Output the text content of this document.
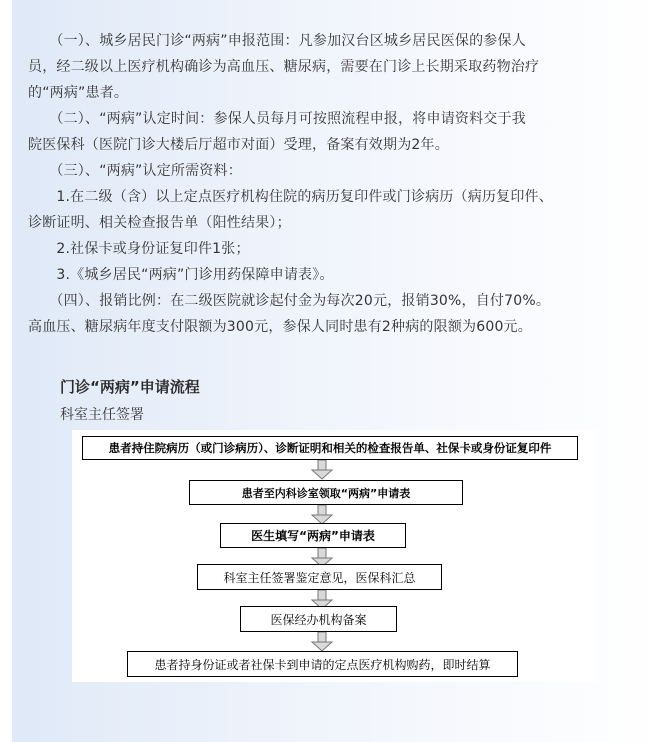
　　（一）、城乡居民门诊“两病”申报范围：凡参加汉台区城乡居民医保的参保人
员，经二级以上医疗机构确诊为高血压、糖尿病，需要在门诊上长期采取药物治疗
的“两病”患者。
　　（二）、“两病”认定时间：参保人员每月可按照流程申报，将申请资料交于我
院医保科（医院门诊大楼后厅超市对面）受理，备案有效期为2年。
　　（三）、“两病”认定所需资料：
　　1.在二级（含）以上定点医疗机构住院的病历复印件或门诊病历（病历复印件、
诊断证明、相关检查报告单（阳性结果）；
　　2.社保卡或身份证复印件1张；
　　3.《城乡居民“两病”门诊用药保障申请表》。
　　（四）、报销比例：在二级医院就诊起付金为每次20元，报销30%，自付70%。
高血压、糖尿病年度支付限额为300元，参保人同时患有2种病的限额为600元。
门诊“两病”申请流程
科室主任签署
患者持住院病历（或门诊病历）、诊断证明和相关的检查报告单、社保卡或身份证复印件
患者至内科诊室领取“两病”申请表
医生填写“两病”申请表
科室主任签署鉴定意见，医保科汇总
医保经办机构备案
患者持身份证或者社保卡到申请的定点医疗机构购药，即时结算
